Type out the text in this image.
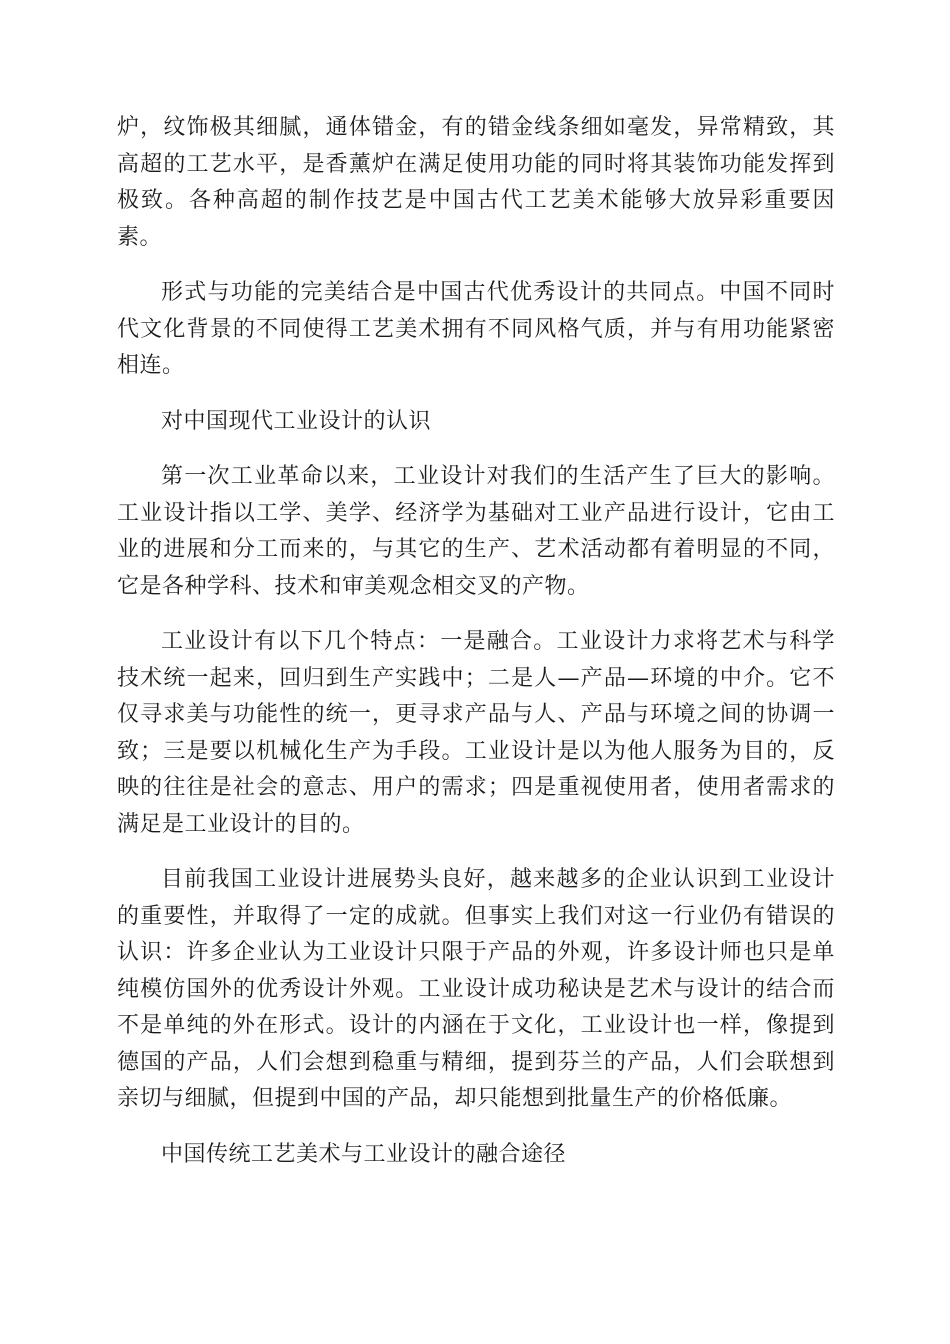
炉，纹饰极其细腻，通体错金，有的错金线条细如毫发，异常精致，其高超的工艺水平，是香薰炉在满足使用功能的同时将其装饰功能发挥到极致。各种高超的制作技艺是中国古代工艺美术能够大放异彩重要因素。

形式与功能的完美结合是中国古代优秀设计的共同点。中国不同时代文化背景的不同使得工艺美术拥有不同风格气质，并与有用功能紧密相连。

对中国现代工业设计的认识

第一次工业革命以来，工业设计对我们的生活产生了巨大的影响。工业设计指以工学、美学、经济学为基础对工业产品进行设计，它由工业的进展和分工而来的，与其它的生产、艺术活动都有着明显的不同，它是各种学科、技术和审美观念相交叉的产物。

工业设计有以下几个特点：一是融合。工业设计力求将艺术与科学技术统一起来，回归到生产实践中；二是人—产品—环境的中介。它不仅寻求美与功能性的统一，更寻求产品与人、产品与环境之间的协调一致；三是要以机械化生产为手段。工业设计是以为他人服务为目的，反映的往往是社会的意志、用户的需求；四是重视使用者，使用者需求的满足是工业设计的目的。

目前我国工业设计进展势头良好，越来越多的企业认识到工业设计的重要性，并取得了一定的成就。但事实上我们对这一行业仍有错误的认识：许多企业认为工业设计只限于产品的外观，许多设计师也只是单纯模仿国外的优秀设计外观。工业设计成功秘诀是艺术与设计的结合而不是单纯的外在形式。设计的内涵在于文化，工业设计也一样，像提到德国的产品，人们会想到稳重与精细，提到芬兰的产品，人们会联想到亲切与细腻，但提到中国的产品，却只能想到批量生产的价格低廉。

中国传统工艺美术与工业设计的融合途径
